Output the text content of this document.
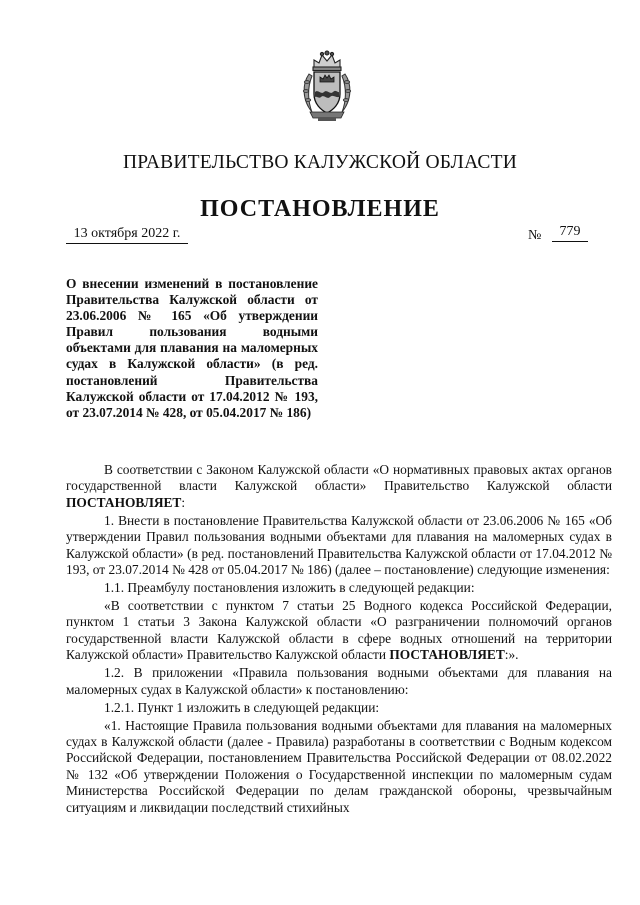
ПРАВИТЕЛЬСТВО КАЛУЖСКОЙ ОБЛАСТИ
ПОСТАНОВЛЕНИЕ
13 октября 2022 г.	№	779

О внесении изменений в постановление Правительства Калужской области от 23.06.2006 № 165 «Об утверждении Правил пользования водными объектами для плавания на маломерных судах в Калужской области» (в ред. постановлений Правительства Калужской области от 17.04.2012 № 193, от 23.07.2014 № 428, от 05.04.2017 № 186)

В соответствии с Законом Калужской области «О нормативных правовых актах органов государственной власти Калужской области» Правительство Калужской области ПОСТАНОВЛЯЕТ:

1. Внести в постановление Правительства Калужской области от 23.06.2006 № 165 «Об утверждении Правил пользования водными объектами для плавания на маломерных судах в Калужской области» (в ред. постановлений Правительства Калужской области от 17.04.2012 № 193, от 23.07.2014 № 428 от 05.04.2017 № 186) (далее – постановление) следующие изменения:

1.1. Преамбулу постановления изложить в следующей редакции:

«В соответствии с пунктом 7 статьи 25 Водного кодекса Российской Федерации, пунктом 1 статьи 3 Закона Калужской области «О разграничении полномочий органов государственной власти Калужской области в сфере водных отношений на территории Калужской области» Правительство Калужской области ПОСТАНОВЛЯЕТ:».

1.2. В приложении «Правила пользования водными объектами для плавания на маломерных судах в Калужской области» к постановлению:

1.2.1. Пункт 1 изложить в следующей редакции:

«1. Настоящие Правила пользования водными объектами для плавания на маломерных судах в Калужской области (далее - Правила) разработаны в соответствии с Водным кодексом Российской Федерации, постановлением Правительства Российской Федерации от 08.02.2022 № 132 «Об утверждении Положения о Государственной инспекции по маломерным судам Министерства Российской Федерации по делам гражданской обороны, чрезвычайным ситуациям и ликвидации последствий стихийных
